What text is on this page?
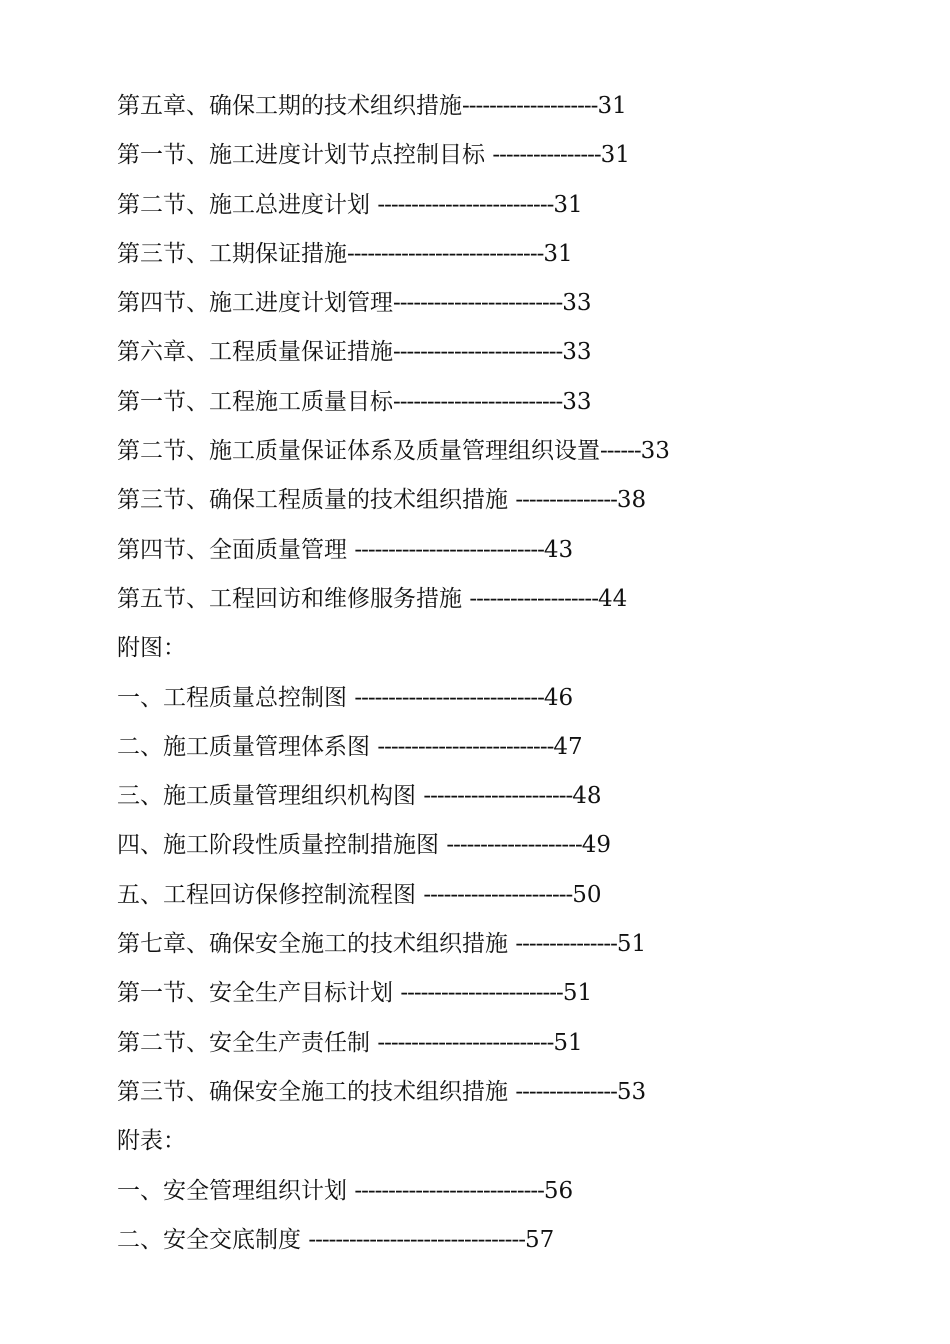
第五章、确保工期的技术组织措施--------------------31
第一节、施工进度计划节点控制目标 ----------------31
第二节、施工总进度计划 --------------------------31
第三节、工期保证措施-----------------------------31
第四节、施工进度计划管理-------------------------33
第六章、工程质量保证措施-------------------------33
第一节、工程施工质量目标-------------------------33
第二节、施工质量保证体系及质量管理组织设置------33
第三节、确保工程质量的技术组织措施 ---------------38
第四节、全面质量管理 ----------------------------43
第五节、工程回访和维修服务措施 -------------------44
附图：
一、工程质量总控制图 ----------------------------46
二、施工质量管理体系图 --------------------------47
三、施工质量管理组织机构图 ----------------------48
四、施工阶段性质量控制措施图 --------------------49
五、工程回访保修控制流程图 ----------------------50
第七章、确保安全施工的技术组织措施 ---------------51
第一节、安全生产目标计划 ------------------------51
第二节、安全生产责任制 --------------------------51
第三节、确保安全施工的技术组织措施 ---------------53
附表：
一、安全管理组织计划 ----------------------------56
二、安全交底制度 --------------------------------57
